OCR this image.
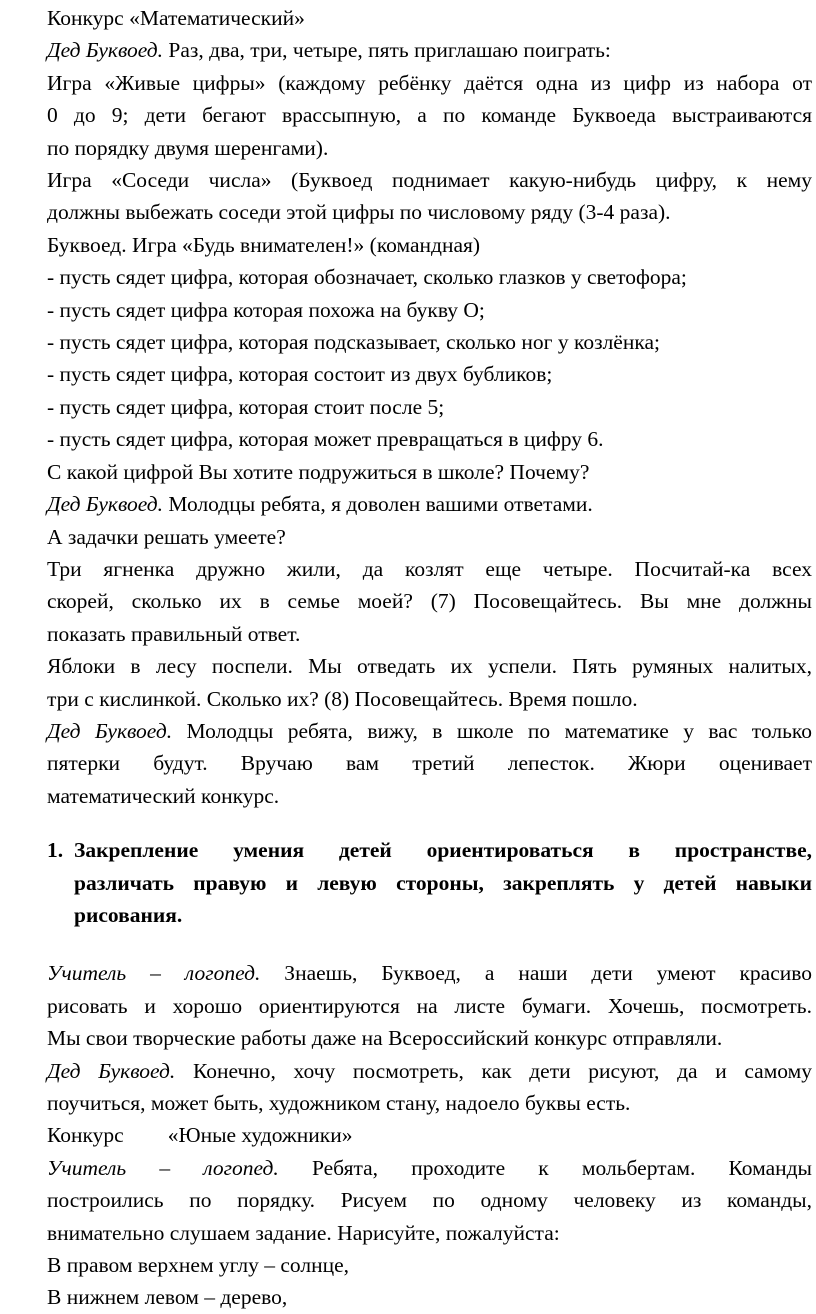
Конкурс «Математический»
Дед Буквоед. Раз, два, три, четыре, пять приглашаю поиграть:
Игра «Живые цифры» (каждому ребёнку даётся одна из цифр из набора от
0 до 9; дети бегают врассыпную, а по команде Буквоеда выстраиваются
по порядку двумя шеренгами).
Игра «Соседи числа» (Буквоед поднимает какую-нибудь цифру, к нему
должны выбежать соседи этой цифры по числовому ряду (3-4 раза).
Буквоед. Игра «Будь внимателен!» (командная)
- пусть сядет цифра, которая обозначает, сколько глазков у светофора;
- пусть сядет цифра которая похожа на букву О;
- пусть сядет цифра, которая подсказывает, сколько ног у козлёнка;
- пусть сядет цифра, которая состоит из двух бубликов;
- пусть сядет цифра, которая стоит после 5;
- пусть сядет цифра, которая может превращаться в цифру 6.
С какой цифрой Вы хотите подружиться в школе? Почему?
Дед Буквоед. Молодцы ребята, я доволен вашими ответами.
А задачки решать умеете?
Три ягненка дружно жили, да козлят еще четыре. Посчитай-ка всех
скорей, сколько их в семье моей? (7) Посовещайтесь. Вы мне должны
показать правильный ответ.
Яблоки в лесу поспели. Мы отведать их успели. Пять румяных налитых,
три с кислинкой. Сколько их? (8) Посовещайтесь. Время пошло.
Дед Буквоед. Молодцы ребята, вижу, в школе по математике у вас только
пятерки будут. Вручаю вам третий лепесток. Жюри оценивает
математический конкурс.
1. Закрепление умения детей ориентироваться в пространстве,
различать правую и левую стороны, закреплять у детей навыки
рисования.
Учитель – логопед. Знаешь, Буквоед, а наши дети умеют красиво
рисовать и хорошо ориентируются на листе бумаги. Хочешь, посмотреть.
Мы свои творческие работы даже на Всероссийский конкурс отправляли.
Дед Буквоед. Конечно, хочу посмотреть, как дети рисуют, да и самому
поучиться, может быть, художником стану, надоело буквы есть.
Конкурс «Юные художники»
Учитель – логопед. Ребята, проходите к мольбертам. Команды
построились по порядку. Рисуем по одному человеку из команды,
внимательно слушаем задание. Нарисуйте, пожалуйста:
В правом верхнем углу – солнце,
В нижнем левом – дерево,
